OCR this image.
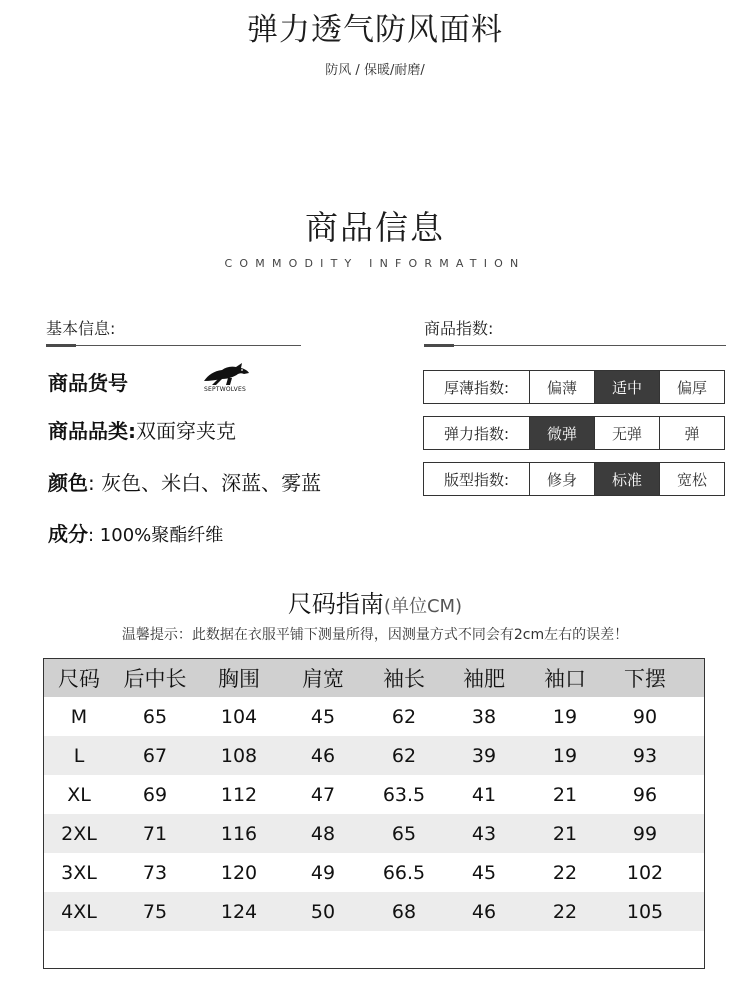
弹力透气防风面料
防风 / 保暖/耐磨/
商品信息
COMMODITY INFORMATION
基本信息:
商品货号	SEPTWOLVES
商品品类:双面穿夹克
颜色: 灰色、米白、深蓝、雾蓝
成分: 100%聚酯纤维
商品指数:
厚薄指数:	偏薄	适中	偏厚
弹力指数:	微弹	无弹	弹
版型指数:	修身	标准	宽松
尺码指南(单位CM)
温馨提示：此数据在衣服平铺下测量所得，因测量方式不同会有2cm左右的误差！
尺码	后中长	胸围	肩宽	袖长	袖肥	袖口	下摆
M	65	104	45	62	38	19	90
L	67	108	46	62	39	19	93
XL	69	112	47	63.5	41	21	96
2XL	71	116	48	65	43	21	99
3XL	73	120	49	66.5	45	22	102
4XL	75	124	50	68	46	22	105
